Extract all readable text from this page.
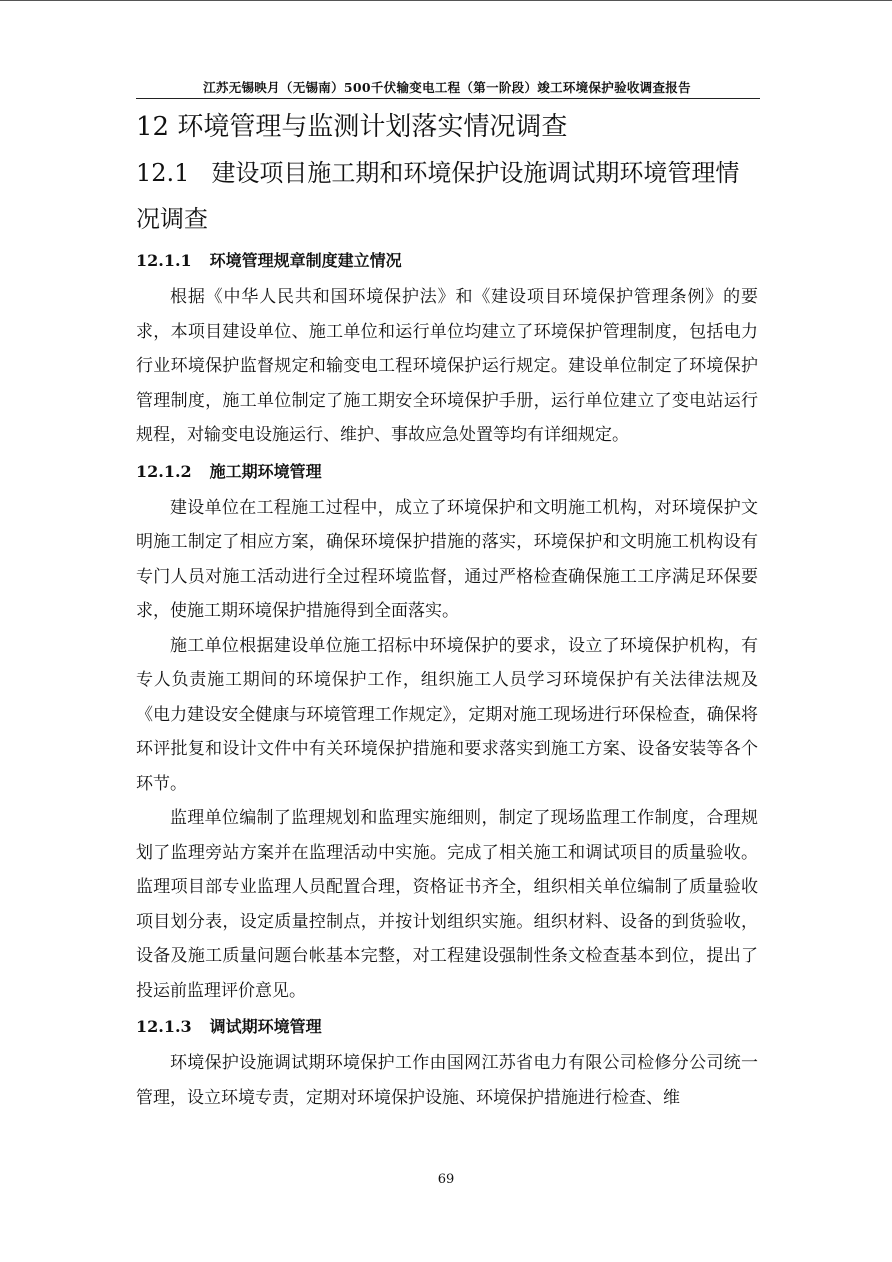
江苏无锡映月（无锡南）500千伏输变电工程（第一阶段）竣工环境保护验收调查报告
12 环境管理与监测计划落实情况调查
12.1 建设项目施工期和环境保护设施调试期环境管理情况调查
12.1.1 环境管理规章制度建立情况

根据《中华人民共和国环境保护法》和《建设项目环境保护管理条例》的要求，本项目建设单位、施工单位和运行单位均建立了环境保护管理制度，包括电力行业环境保护监督规定和输变电工程环境保护运行规定。建设单位制定了环境保护管理制度，施工单位制定了施工期安全环境保护手册，运行单位建立了变电站运行规程，对输变电设施运行、维护、事故应急处置等均有详细规定。

12.1.2 施工期环境管理

建设单位在工程施工过程中，成立了环境保护和文明施工机构，对环境保护文明施工制定了相应方案，确保环境保护措施的落实，环境保护和文明施工机构设有专门人员对施工活动进行全过程环境监督，通过严格检查确保施工工序满足环保要求，使施工期环境保护措施得到全面落实。

施工单位根据建设单位施工招标中环境保护的要求，设立了环境保护机构，有专人负责施工期间的环境保护工作，组织施工人员学习环境保护有关法律法规及《电力建设安全健康与环境管理工作规定》，定期对施工现场进行环保检查，确保将环评批复和设计文件中有关环境保护措施和要求落实到施工方案、设备安装等各个环节。

监理单位编制了监理规划和监理实施细则，制定了现场监理工作制度，合理规划了监理旁站方案并在监理活动中实施。完成了相关施工和调试项目的质量验收。监理项目部专业监理人员配置合理，资格证书齐全，组织相关单位编制了质量验收项目划分表，设定质量控制点，并按计划组织实施。组织材料、设备的到货验收，设备及施工质量问题台帐基本完整，对工程建设强制性条文检查基本到位，提出了投运前监理评价意见。

12.1.3 调试期环境管理

环境保护设施调试期环境保护工作由国网江苏省电力有限公司检修分公司统一管理，设立环境专责，定期对环境保护设施、环境保护措施进行检查、维

69
